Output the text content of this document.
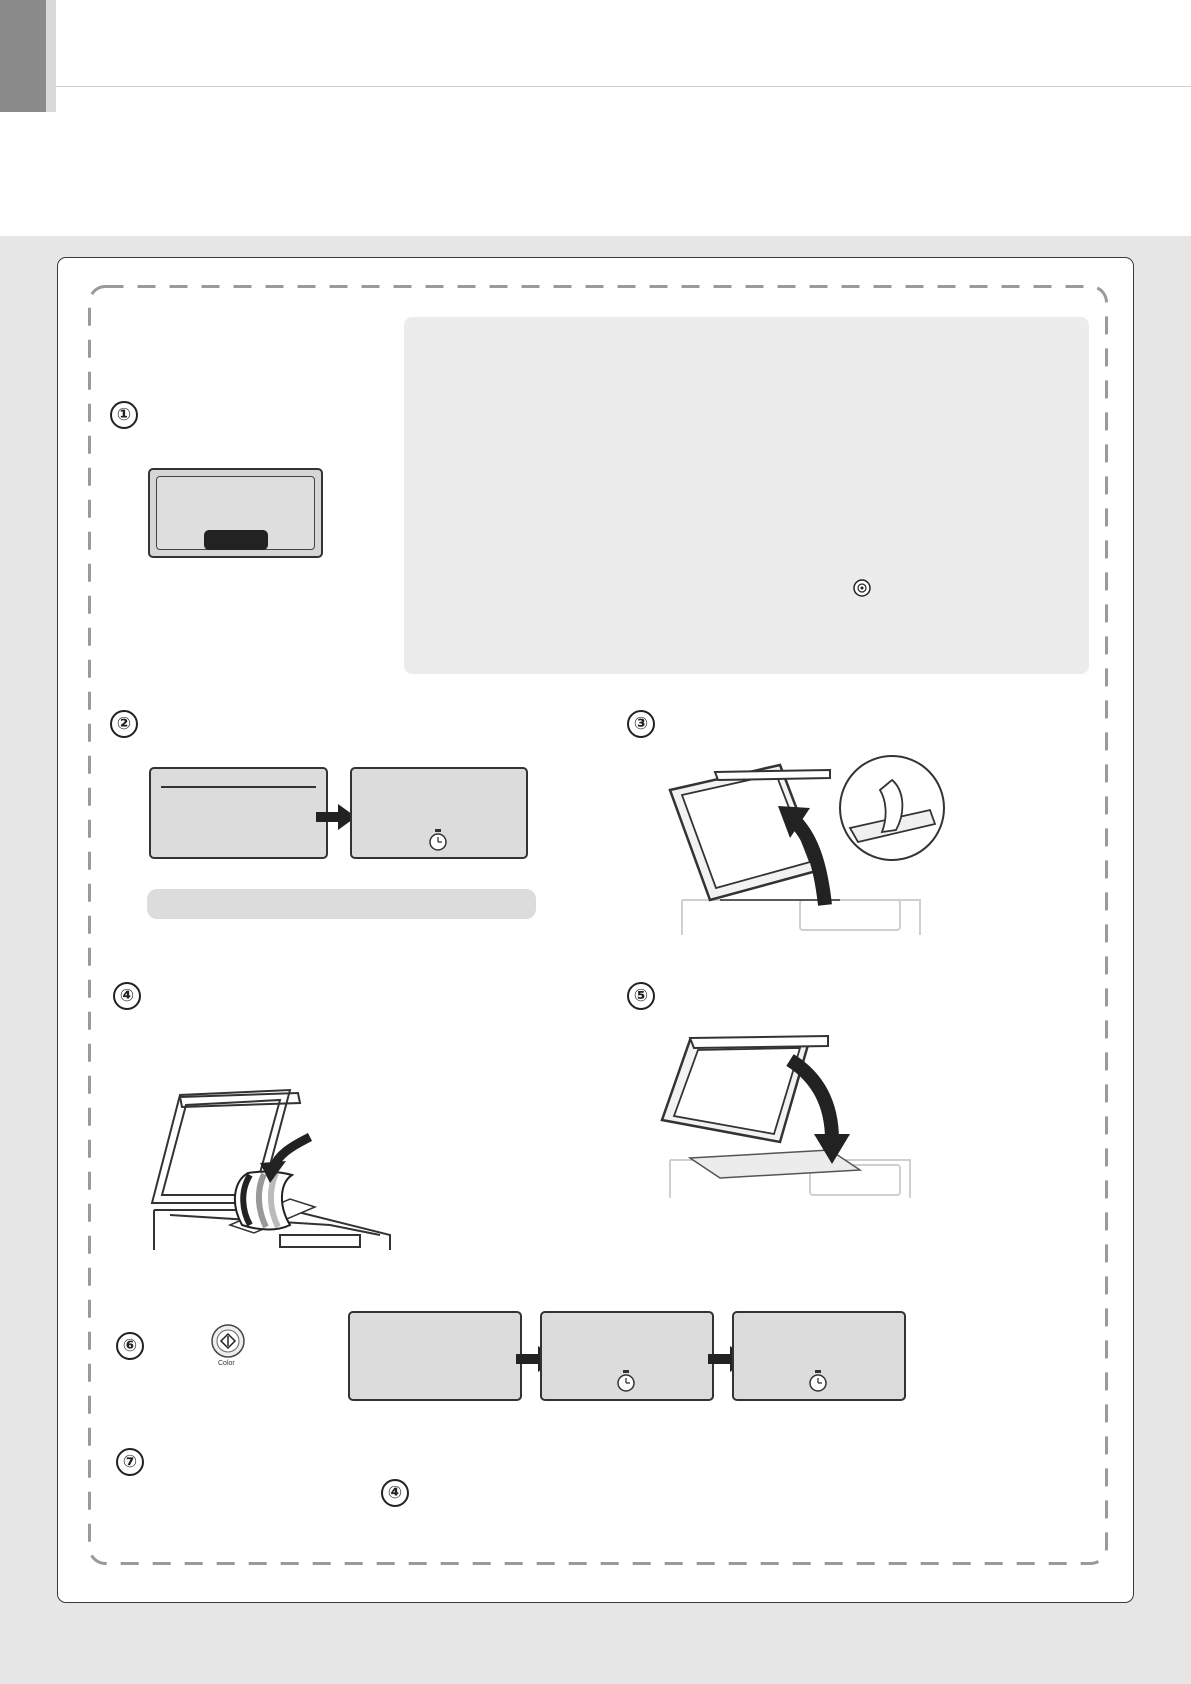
①
②	③
④	⑤
⑥
Color
⑦
④
